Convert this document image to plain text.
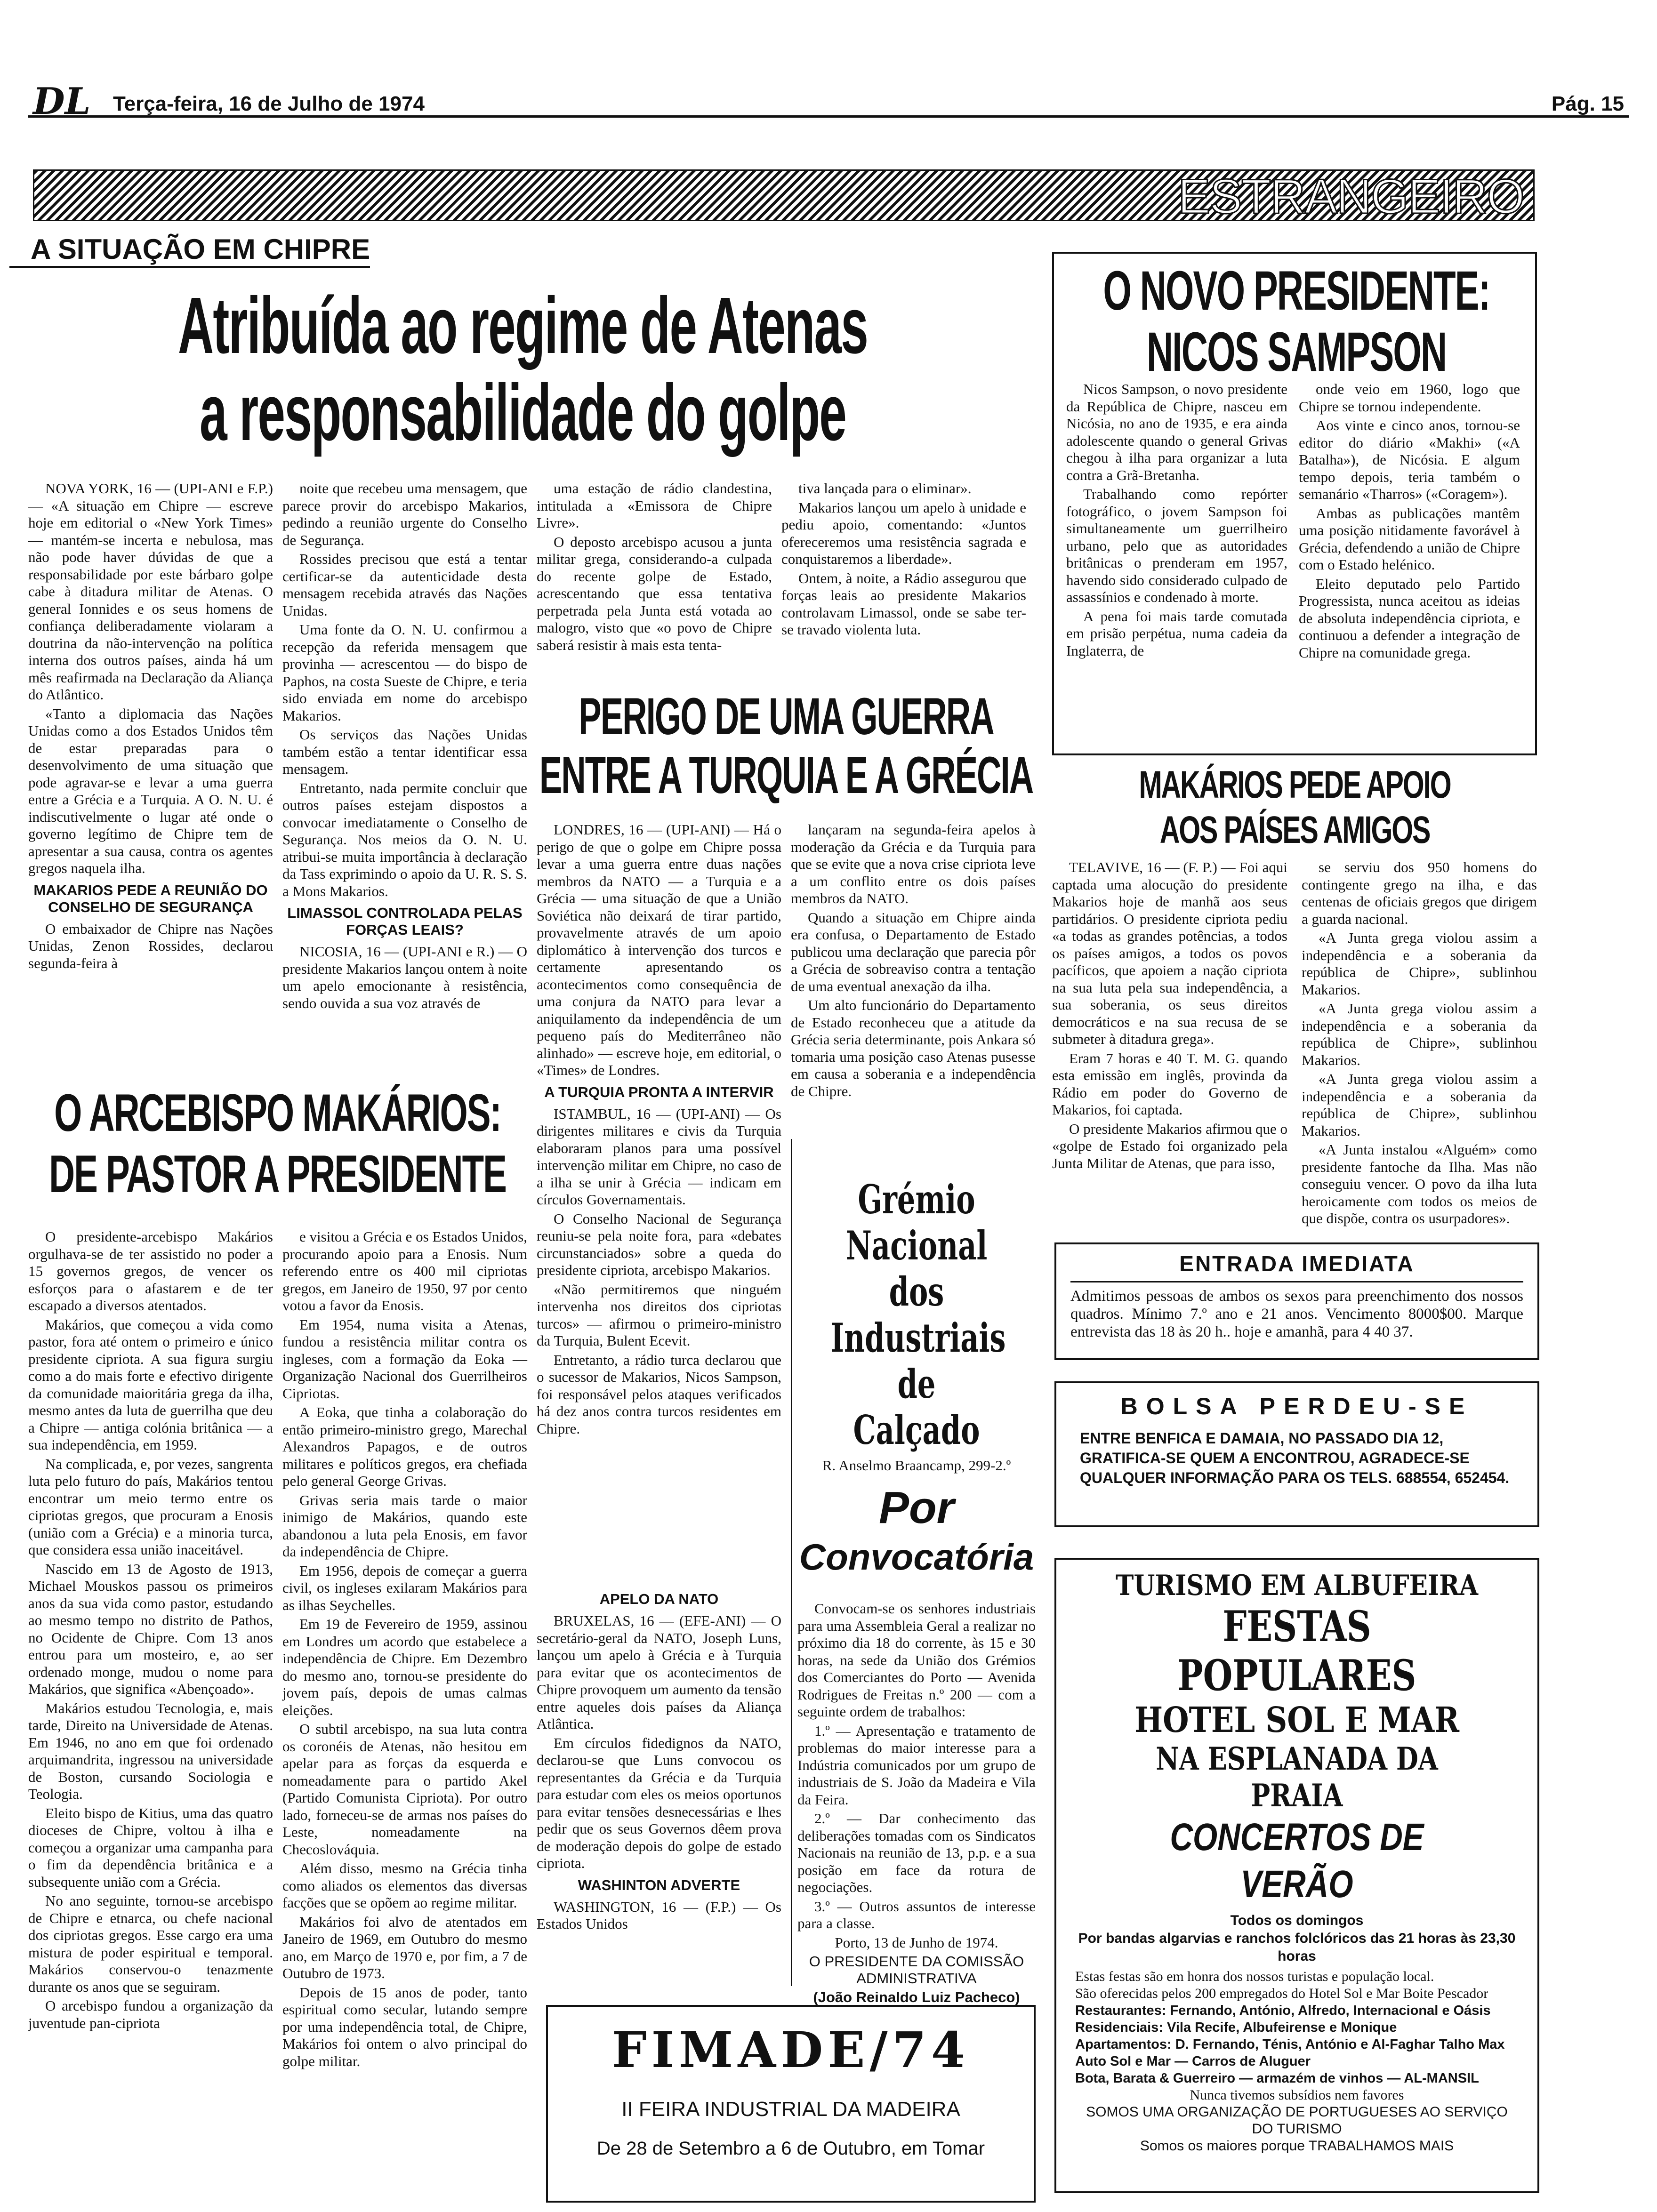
DL Terça-feira, 16 de Julho de 1974	Pág. 15
ESTRANGEIRO
A SITUAÇÃO EM CHIPRE
Atribuída ao regime de Atenas
a responsabilidade do golpe

NOVA YORK, 16 — (UPI-ANI e F.P.) — «A situação em Chipre — escreve hoje em editorial o «New York Times» — mantém-se incerta e nebulosa, mas não pode haver dúvidas de que a responsabilidade por este bárbaro golpe cabe à ditadura militar de Atenas. O general Ionnides e os seus homens de confiança deliberadamente violaram a doutrina da não-intervenção na política interna dos outros países, ainda há um mês reafirmada na Declaração da Aliança do Atlântico.

«Tanto a diplomacia das Nações Unidas como a dos Estados Unidos têm de estar preparadas para o desenvolvimento de uma situação que pode agravar-se e levar a uma guerra entre a Grécia e a Turquia. A O. N. U. é indiscutivelmente o lugar até onde o governo legítimo de Chipre tem de apresentar a sua causa, contra os agentes gregos naquela ilha.

MAKARIOS PEDE A REUNIÃO DO CONSELHO DE SEGURANÇA

O embaixador de Chipre nas Nações Unidas, Zenon Rossides, declarou segunda-feira à

noite que recebeu uma mensagem, que parece provir do arcebispo Makarios, pedindo a reunião urgente do Conselho de Segurança.

Rossides precisou que está a tentar certificar-se da autenticidade desta mensagem recebida através das Nações Unidas.

Uma fonte da O. N. U. confirmou a recepção da referida mensagem que provinha — acrescentou — do bispo de Paphos, na costa Sueste de Chipre, e teria sido enviada em nome do arcebispo Makarios.

Os serviços das Nações Unidas também estão a tentar identificar essa mensagem.

Entretanto, nada permite concluir que outros países estejam dispostos a convocar imediatamente o Conselho de Segurança. Nos meios da O. N. U. atribui-se muita importância à declaração da Tass exprimindo o apoio da U. R. S. S. a Mons Makarios.

LIMASSOL CONTROLADA PELAS FORÇAS LEAIS?

NICOSIA, 16 — (UPI-ANI e R.) — O presidente Makarios lançou ontem à noite um apelo emocionante à resistência, sendo ouvida a sua voz através de

uma estação de rádio clandestina, intitulada a «Emissora de Chipre Livre».

O deposto arcebispo acusou a junta militar grega, considerando-a culpada do recente golpe de Estado, acrescentando que essa tentativa perpetrada pela Junta está votada ao malogro, visto que «o povo de Chipre saberá resistir à mais esta tenta-

tiva lançada para o eliminar».

Makarios lançou um apelo à unidade e pediu apoio, comentando: «Juntos ofereceremos uma resistência sagrada e conquistaremos a liberdade».

Ontem, à noite, a Rádio assegurou que forças leais ao presidente Makarios controlavam Limassol, onde se sabe ter-se travado violenta luta.

PERIGO DE UMA GUERRA
ENTRE A TURQUIA E A GRÉCIA

LONDRES, 16 — (UPI-ANI) — Há o perigo de que o golpe em Chipre possa levar a uma guerra entre duas nações membros da NATO — a Turquia e a Grécia — uma situação de que a União Soviética não deixará de tirar partido, provavelmente através de um apoio diplomático à intervenção dos turcos e certamente apresentando os acontecimentos como consequência de uma conjura da NATO para levar a aniquilamento da independência de um pequeno país do Mediterrâneo não alinhado» — escreve hoje, em editorial, o «Times» de Londres.

A TURQUIA PRONTA A INTERVIR

ISTAMBUL, 16 — (UPI-ANI) — Os dirigentes militares e civis da Turquia elaboraram planos para uma possível intervenção militar em Chipre, no caso de a ilha se unir à Grécia — indicam em círculos Governamentais.

O Conselho Nacional de Segurança reuniu-se pela noite fora, para «debates circunstanciados» sobre a queda do presidente cipriota, arcebispo Makarios.

«Não permitiremos que ninguém intervenha nos direitos dos cipriotas turcos» — afirmou o primeiro-ministro da Turquia, Bulent Ecevit.

Entretanto, a rádio turca declarou que o sucessor de Makarios, Nicos Sampson, foi responsável pelos ataques verificados há dez anos contra turcos residentes em Chipre.

APELO DA NATO

BRUXELAS, 16 — (EFE-ANI) — O secretário-geral da NATO, Joseph Luns, lançou um apelo à Grécia e à Turquia para evitar que os acontecimentos de Chipre provoquem um aumento da tensão entre aqueles dois países da Aliança Atlântica.

Em círculos fidedignos da NATO, declarou-se que Luns convocou os representantes da Grécia e da Turquia para estudar com eles os meios oportunos para evitar tensões desnecessárias e lhes pedir que os seus Governos dêem prova de moderação depois do golpe de estado cipriota.

WASHINTON ADVERTE

WASHINGTON, 16 — (F.P.) — Os Estados Unidos

lançaram na segunda-feira apelos à moderação da Grécia e da Turquia para que se evite que a nova crise cipriota leve a um conflito entre os dois países membros da NATO.

Quando a situação em Chipre ainda era confusa, o Departamento de Estado publicou uma declaração que parecia pôr a Grécia de sobreaviso contra a tentação de uma eventual anexação da ilha.

Um alto funcionário do Departamento de Estado reconheceu que a atitude da Grécia seria determinante, pois Ankara só tomaria uma posição caso Atenas pusesse em causa a soberania e a independência de Chipre.

O ARCEBISPO MAKÁRIOS:
DE PASTOR A PRESIDENTE

O presidente-arcebispo Makários orgulhava-se de ter assistido no poder a 15 governos gregos, de vencer os esforços para o afastarem e de ter escapado a diversos atentados.

Makários, que começou a vida como pastor, fora até ontem o primeiro e único presidente cipriota. A sua figura surgiu como a do mais forte e efectivo dirigente da comunidade maioritária grega da ilha, mesmo antes da luta de guerrilha que deu a Chipre — antiga colónia britânica — a sua independência, em 1959.

Na complicada, e, por vezes, sangrenta luta pelo futuro do país, Makários tentou encontrar um meio termo entre os cipriotas gregos, que procuram a Enosis (união com a Grécia) e a minoria turca, que considera essa união inaceitável.

Nascido em 13 de Agosto de 1913, Michael Mouskos passou os primeiros anos da sua vida como pastor, estudando ao mesmo tempo no distrito de Pathos, no Ocidente de Chipre. Com 13 anos entrou para um mosteiro, e, ao ser ordenado monge, mudou o nome para Makários, que significa «Abençoado».

Makários estudou Tecnologia, e, mais tarde, Direito na Universidade de Atenas. Em 1946, no ano em que foi ordenado arquimandrita, ingressou na universidade de Boston, cursando Sociologia e Teologia.

Eleito bispo de Kitius, uma das quatro dioceses de Chipre, voltou à ilha e começou a organizar uma campanha para o fim da dependência britânica e a subsequente união com a Grécia.

No ano seguinte, tornou-se arcebispo de Chipre e etnarca, ou chefe nacional dos cipriotas gregos. Esse cargo era uma mistura de poder espiritual e temporal. Makários conservou-o tenazmente durante os anos que se seguiram.

O arcebispo fundou a organização da juventude pan-cipriota

e visitou a Grécia e os Estados Unidos, procurando apoio para a Enosis. Num referendo entre os 400 mil cipriotas gregos, em Janeiro de 1950, 97 por cento votou a favor da Enosis.

Em 1954, numa visita a Atenas, fundou a resistência militar contra os ingleses, com a formação da Eoka — Organização Nacional dos Guerrilheiros Cipriotas.

A Eoka, que tinha a colaboração do então primeiro-ministro grego, Marechal Alexandros Papagos, e de outros militares e políticos gregos, era chefiada pelo general George Grivas.

Grivas seria mais tarde o maior inimigo de Makários, quando este abandonou a luta pela Enosis, em favor da independência de Chipre.

Em 1956, depois de começar a guerra civil, os ingleses exilaram Makários para as ilhas Seychelles.

Em 19 de Fevereiro de 1959, assinou em Londres um acordo que estabelece a independência de Chipre. Em Dezembro do mesmo ano, tornou-se presidente do jovem país, depois de umas calmas eleições.

O subtil arcebispo, na sua luta contra os coronéis de Atenas, não hesitou em apelar para as forças da esquerda e nomeadamente para o partido Akel (Partido Comunista Cipriota). Por outro lado, forneceu-se de armas nos países do Leste, nomeadamente na Checoslováquia.

Além disso, mesmo na Grécia tinha como aliados os elementos das diversas facções que se opõem ao regime militar.

Makários foi alvo de atentados em Janeiro de 1969, em Outubro do mesmo ano, em Março de 1970 e, por fim, a 7 de Outubro de 1973.

Depois de 15 anos de poder, tanto espiritual como secular, lutando sempre por uma independência total, de Chipre, Makários foi ontem o alvo principal do golpe militar.

Grémio Nacional
dos Industriais
de Calçado
R. Anselmo Braancamp, 299-2.º
Por
Convocatória

Convocam-se os senhores industriais para uma Assembleia Geral a realizar no próximo dia 18 do corrente, às 15 e 30 horas, na sede da União dos Grémios dos Comerciantes do Porto — Avenida Rodrigues de Freitas n.º 200 — com a seguinte ordem de trabalhos:

1.º — Apresentação e tratamento de problemas do maior interesse para a Indústria comunicados por um grupo de industriais de S. João da Madeira e Vila da Feira.

2.º — Dar conhecimento das deliberações tomadas com os Sindicatos Nacionais na reunião de 13, p.p. e a sua posição em face da rotura de negociações.

3.º — Outros assuntos de interesse para a classe.

Porto, 13 de Junho de 1974.

O PRESIDENTE DA COMISSÃO ADMINISTRATIVA
(João Reinaldo Luiz Pacheco)
FIMADE/74
II FEIRA INDUSTRIAL DA MADEIRA
De 28 de Setembro a 6 de Outubro, em Tomar
O NOVO PRESIDENTE:
NICOS SAMPSON

Nicos Sampson, o novo presidente da República de Chipre, nasceu em Nicósia, no ano de 1935, e era ainda adolescente quando o general Grivas chegou à ilha para organizar a luta contra a Grã-Bretanha.

Trabalhando como repórter fotográfico, o jovem Sampson foi simultaneamente um guerrilheiro urbano, pelo que as autoridades britânicas o prenderam em 1957, havendo sido considerado culpado de assassínios e condenado à morte.

A pena foi mais tarde comutada em prisão perpétua, numa cadeia da Inglaterra, de

onde veio em 1960, logo que Chipre se tornou independente.

Aos vinte e cinco anos, tornou-se editor do diário «Makhi» («A Batalha»), de Nicósia. E algum tempo depois, teria também o semanário «Tharros» («Coragem»).

Ambas as publicações mantêm uma posição nitidamente favorável à Grécia, defendendo a união de Chipre com o Estado helénico.

Eleito deputado pelo Partido Progressista, nunca aceitou as ideias de absoluta independência cipriota, e continuou a defender a integração de Chipre na comunidade grega.

MAKÁRIOS PEDE APOIO
AOS PAÍSES AMIGOS

TELAVIVE, 16 — (F. P.) — Foi aqui captada uma alocução do presidente Makarios hoje de manhã aos seus partidários. O presidente cipriota pediu «a todas as grandes potências, a todos os países amigos, a todos os povos pacíficos, que apoiem a nação cipriota na sua luta pela sua independência, a sua soberania, os seus direitos democráticos e na sua recusa de se submeter à ditadura grega».

Eram 7 horas e 40 T. M. G. quando esta emissão em inglês, provinda da Rádio em poder do Governo de Makarios, foi captada.

O presidente Makarios afirmou que o «golpe de Estado foi organizado pela Junta Militar de Atenas, que para isso,

se serviu dos 950 homens do contingente grego na ilha, e das centenas de oficiais gregos que dirigem a guarda nacional.

«A Junta grega violou assim a independência e a soberania da república de Chipre», sublinhou Makarios.

«A Junta grega violou assim a independência e a soberania da república de Chipre», sublinhou Makarios.

«A Junta grega violou assim a independência e a soberania da república de Chipre», sublinhou Makarios.

«A Junta instalou «Alguém» como presidente fantoche da Ilha. Mas não conseguiu vencer. O povo da ilha luta heroicamente com todos os meios de que dispõe, contra os usurpadores».

ENTRADA IMEDIATA
Admitimos pessoas de ambos os sexos para preenchimento dos nossos quadros. Mínimo 7.º ano e 21 anos. Vencimento 8000$00. Marque entrevista das 18 às 20 h.. hoje e amanhã, para 4 40 37.
BOLSA PERDEU-SE
ENTRE BENFICA E DAMAIA, NO PASSADO DIA 12, GRATIFICA-SE QUEM A ENCONTROU, AGRADECE-SE QUALQUER INFORMAÇÃO PARA OS TELS. 688554, 652454.
TURISMO EM ALBUFEIRA
FESTAS POPULARES
HOTEL SOL E MAR
NA ESPLANADA DA PRAIA
CONCERTOS DE VERÃO
Todos os domingos
Por bandas algarvias e ranchos folclóricos das 21 horas às 23,30 horas
Estas festas são em honra dos nossos turistas e população local.
São oferecidas pelos 200 empregados do Hotel Sol e Mar Boite Pescador
Restaurantes: Fernando, António, Alfredo, Internacional e Oásis
Residenciais: Vila Recife, Albufeirense e Monique
Apartamentos: D. Fernando, Ténis, António e Al-Faghar Talho Max
Auto Sol e Mar — Carros de Aluguer
Bota, Barata & Guerreiro — armazém de vinhos — AL-MANSIL
Nunca tivemos subsídios nem favores
SOMOS UMA ORGANIZAÇÃO DE PORTUGUESES AO SERVIÇO DO TURISMO
Somos os maiores porque TRABALHAMOS MAIS
